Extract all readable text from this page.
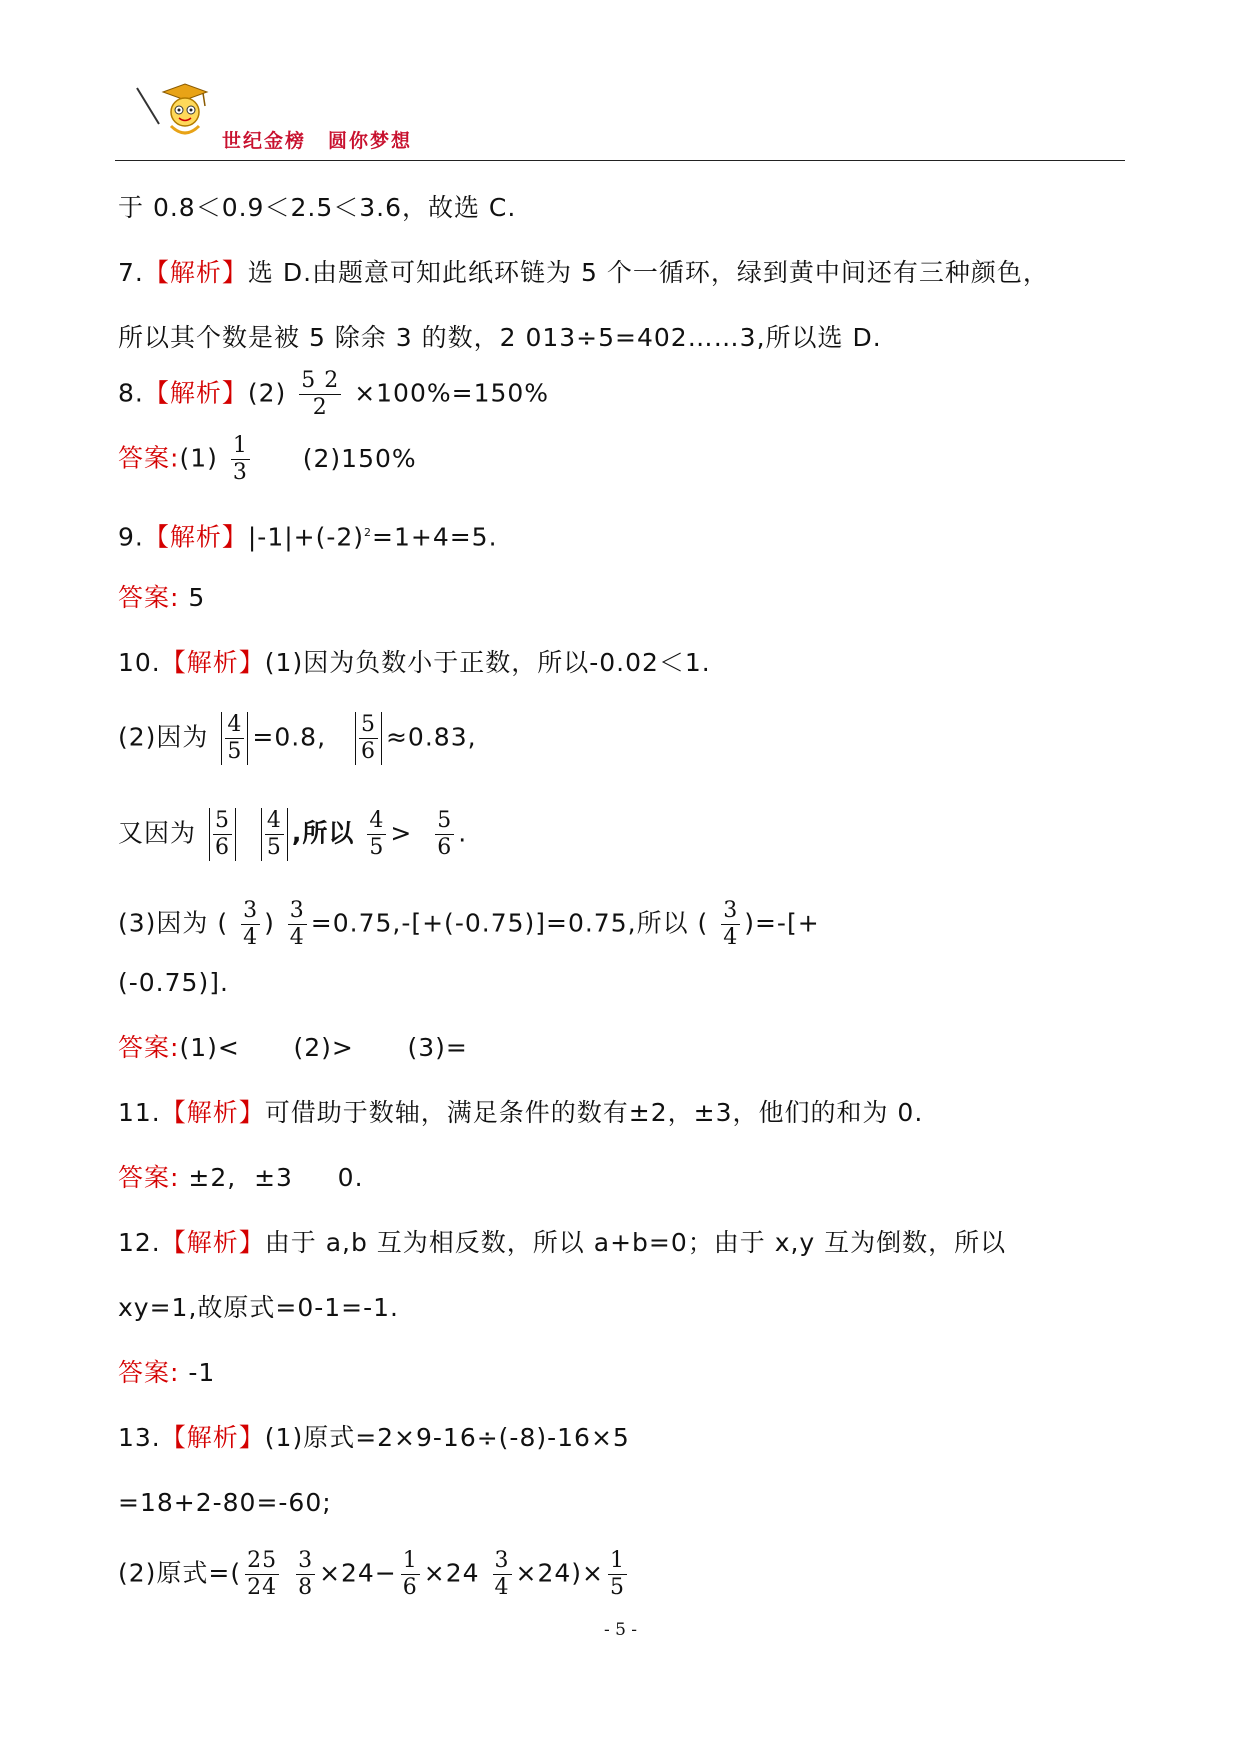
世纪金榜 圆你梦想
于 0.8＜0.9＜2.5＜3.6，故选 C.
7.【解析】选 D.由题意可知此纸环链为 5 个一循环，绿到黄中间还有三种颜色，
所以其个数是被 5 除余 3 的数，2 013÷5=402……3,所以选 D.
8.【解析】$(2) \frac{5 2}{2} \times 100\%=150\%$
答案:(1) $\frac{1}{3} (2)150\%$
9.【解析】$|-1|+(-2)^2=1+4=5$.
答案: 5
10.【解析】(1)因为负数小于正数，所以-0.02＜1.
(2)因为 $\frac{4}{5} =0.8$, $\frac{5}{6} \approx 0.83$,
又因为 $\frac{5}{6}$
$\frac{4}{5}$ ,所以 $\frac{4}{5} > \frac{5}{6}$ .
(3)因为 ( $\frac{3}{4}$ ) $\frac{3}{4} =0.75,-[+(-0.75)]=0.75$,所以 ( $\frac{3}{4}$ )=-[+
(-0.75)].
答案:(1)<      (2)>      (3)=
11.【解析】可借助于数轴，满足条件的数有±2，±3，他们的和为 0.
答案: ±2,  ±3     0.
12.【解析】由于 a,b 互为相反数，所以 a+b=0；由于 x,y 互为倒数，所以
xy=1,故原式=0-1=-1.
答案: -1
13.【解析】(1)原式=2×9-16÷(-8)-16×5
=18+2-80=-60;
(2)原式=( $\frac{25}{24}$
$\frac{3}{8} \times 24- \frac{1}{6} \times 24 \frac{3}{4} \times 24)\times \frac{1}{5}$
- 5 -
